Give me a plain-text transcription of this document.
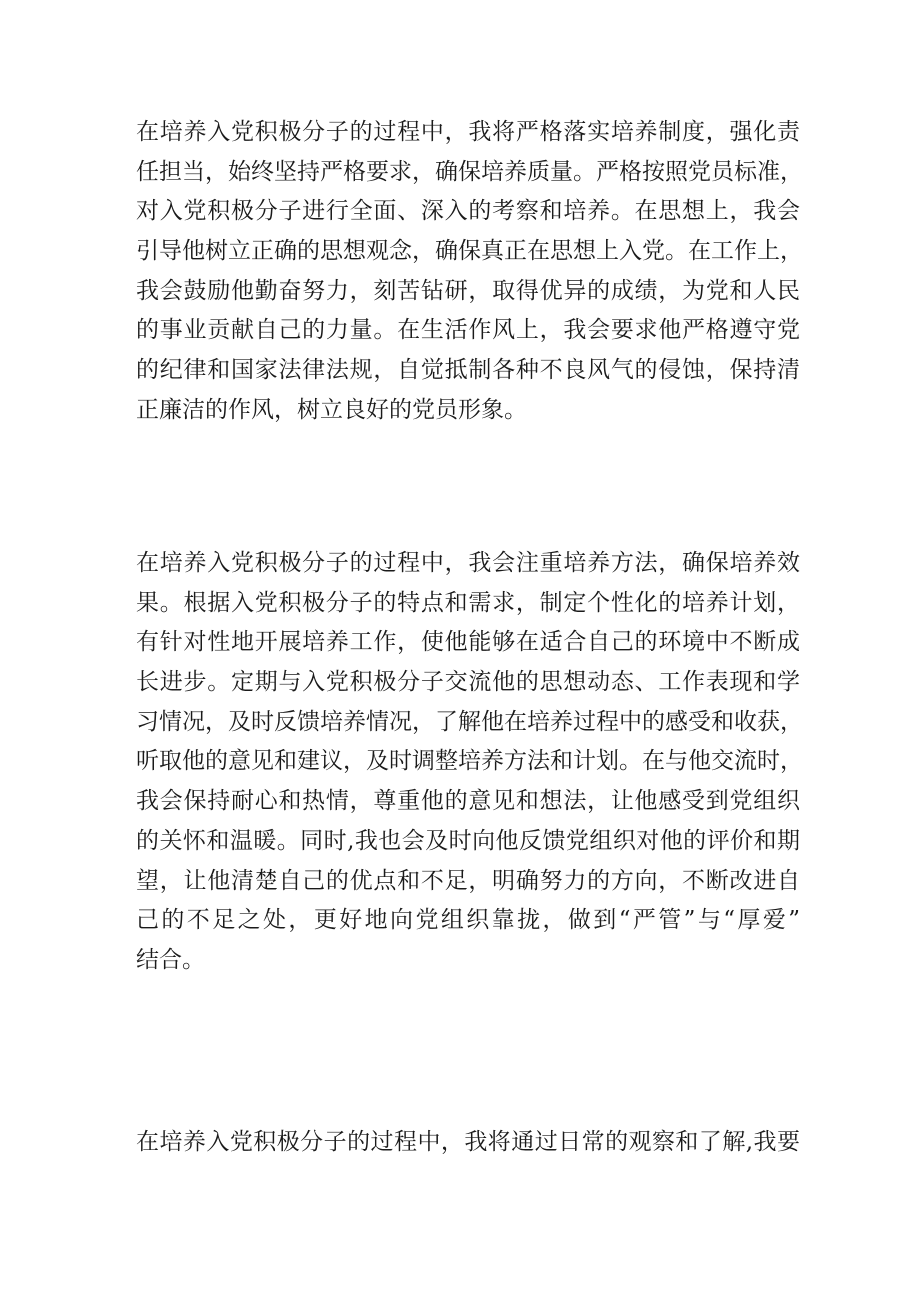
在培养入党积极分子的过程中，我将严格落实培养制度，强化责
任担当，始终坚持严格要求，确保培养质量。严格按照党员标准，
对入党积极分子进行全面、深入的考察和培养。在思想上，我会
引导他树立正确的思想观念，确保真正在思想上入党。在工作上，
我会鼓励他勤奋努力，刻苦钻研，取得优异的成绩，为党和人民
的事业贡献自己的力量。在生活作风上，我会要求他严格遵守党
的纪律和国家法律法规，自觉抵制各种不良风气的侵蚀，保持清
正廉洁的作风，树立良好的党员形象。

在培养入党积极分子的过程中，我会注重培养方法，确保培养效
果。根据入党积极分子的特点和需求，制定个性化的培养计划，
有针对性地开展培养工作，使他能够在适合自己的环境中不断成
长进步。定期与入党积极分子交流他的思想动态、工作表现和学
习情况，及时反馈培养情况，了解他在培养过程中的感受和收获，
听取他的意见和建议，及时调整培养方法和计划。在与他交流时，
我会保持耐心和热情，尊重他的意见和想法，让他感受到党组织
的关怀和温暖。同时,我也会及时向他反馈党组织对他的评价和期
望，让他清楚自己的优点和不足，明确努力的方向，不断改进自
己的不足之处，更好地向党组织靠拢，做到“严管”与“厚爱”
结合。

在培养入党积极分子的过程中，我将通过日常的观察和了解,我要
